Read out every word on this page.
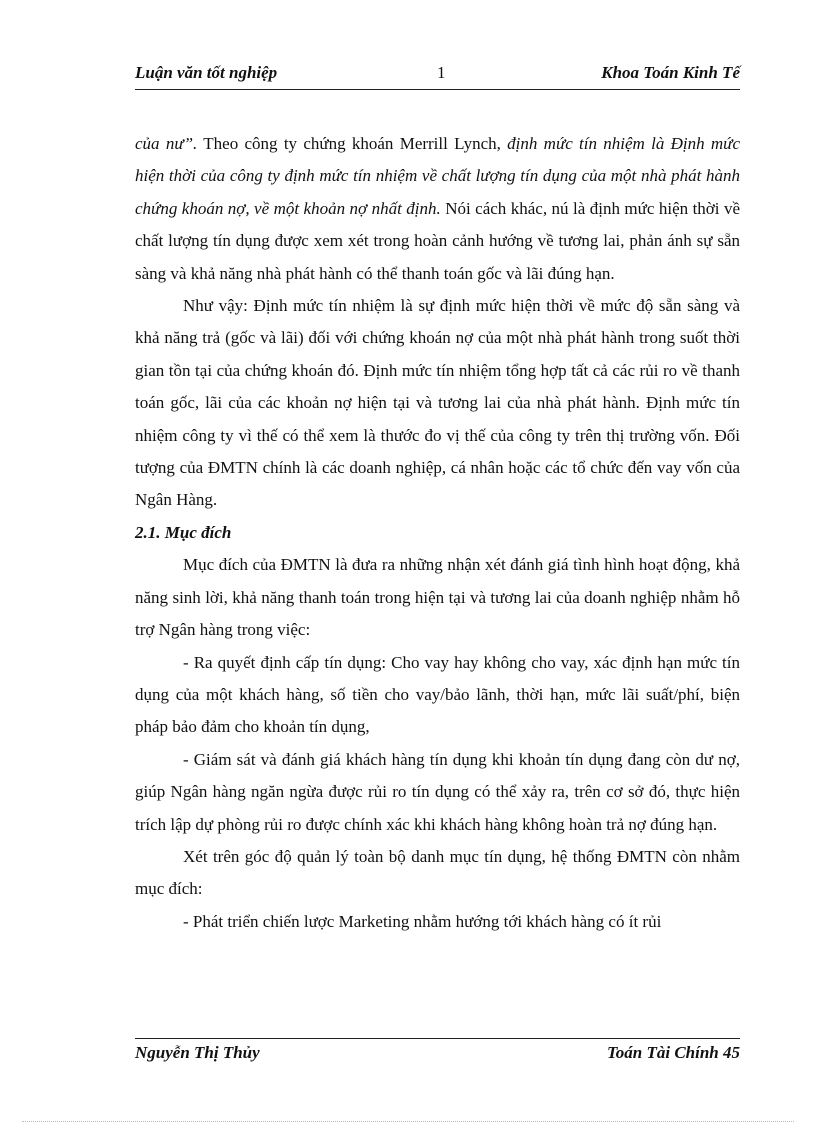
Luận văn tốt nghiệp	1	Khoa Toán Kinh Tế

của nư”. Theo công ty chứng khoán Merrill Lynch, định mức tín nhiệm là Định mức hiện thời của công ty định mức tín nhiệm về chất lượng tín dụng của một nhà phát hành chứng khoán nợ, về một khoản nợ nhất định. Nói cách khác, nú là định mức hiện thời về chất lượng tín dụng được xem xét trong hoàn cảnh hướng về tương lai, phản ánh sự sẵn sàng và khả năng nhà phát hành có thể thanh toán gốc và lãi đúng hạn.

Như vậy: Định mức tín nhiệm là sự định mức hiện thời về mức độ sẵn sàng và khả năng trả (gốc và lãi) đối với chứng khoán nợ của một nhà phát hành trong suốt thời gian tồn tại của chứng khoán đó. Định mức tín nhiệm tổng hợp tất cả các rủi ro về thanh toán gốc, lãi của các khoản nợ hiện tại và tương lai của nhà phát hành. Định mức tín nhiệm công ty vì thế có thể xem là thước đo vị thế của công ty trên thị trường vốn. Đối tượng của ĐMTN chính là các doanh nghiệp, cá nhân hoặc các tổ chức đến vay vốn của Ngân Hàng.

2.1. Mục đích

Mục đích của ĐMTN là đưa ra những nhận xét đánh giá tình hình hoạt động, khả năng sinh lời, khả năng thanh toán trong hiện tại và tương lai của doanh nghiệp nhằm hỗ trợ Ngân hàng trong việc:

- Ra quyết định cấp tín dụng: Cho vay hay không cho vay, xác định hạn mức tín dụng của một khách hàng, số tiền cho vay/bảo lãnh, thời hạn, mức lãi suất/phí, biện pháp bảo đảm cho khoản tín dụng,

- Giám sát và đánh giá khách hàng tín dụng khi khoản tín dụng đang còn dư nợ, giúp Ngân hàng ngăn ngừa được rủi ro tín dụng có thể xảy ra, trên cơ sở đó, thực hiện trích lập dự phòng rủi ro được chính xác khi khách hàng không hoàn trả nợ đúng hạn.

Xét trên góc độ quản lý toàn bộ danh mục tín dụng, hệ thống ĐMTN còn nhằm mục đích:

- Phát triển chiến lược Marketing nhằm hướng tới khách hàng có ít rủi

Nguyễn Thị Thủy	Toán Tài Chính 45
